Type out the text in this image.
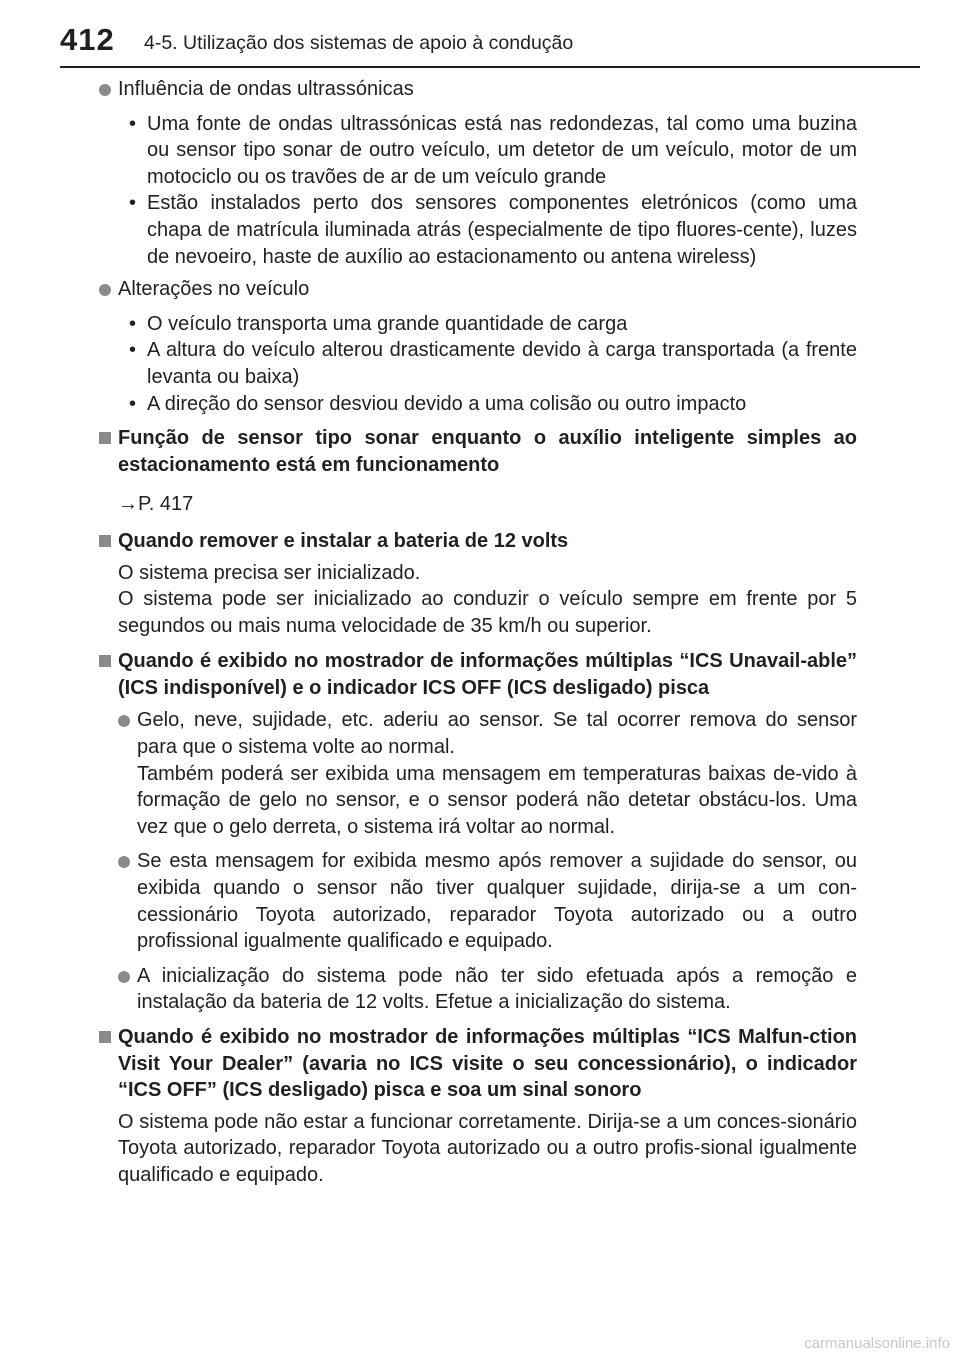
412 4-5. Utilização dos sistemas de apoio à condução
Influência de ondas ultrassónicas
• Uma fonte de ondas ultrassónicas está nas redondezas, tal como uma buzina ou sensor tipo sonar de outro veículo, um detetor de um veículo, motor de um motociclo ou os travões de ar de um veículo grande
• Estão instalados perto dos sensores componentes eletrónicos (como uma chapa de matrícula iluminada atrás (especialmente de tipo fluores-cente), luzes de nevoeiro, haste de auxílio ao estacionamento ou antena wireless)
Alterações no veículo
• O veículo transporta uma grande quantidade de carga
• A altura do veículo alterou drasticamente devido à carga transportada (a frente levanta ou baixa)
• A direção do sensor desviou devido a uma colisão ou outro impacto
Função de sensor tipo sonar enquanto o auxílio inteligente simples ao estacionamento está em funcionamento
→P. 417
Quando remover e instalar a bateria de 12 volts
O sistema precisa ser inicializado.
O sistema pode ser inicializado ao conduzir o veículo sempre em frente por 5 segundos ou mais numa velocidade de 35 km/h ou superior.
Quando é exibido no mostrador de informações múltiplas “ICS Unavail-able” (ICS indisponível) e o indicador ICS OFF (ICS desligado) pisca
Gelo, neve, sujidade, etc. aderiu ao sensor. Se tal ocorrer remova do sensor para que o sistema volte ao normal.
Também poderá ser exibida uma mensagem em temperaturas baixas de-vido à formação de gelo no sensor, e o sensor poderá não detetar obstácu-los. Uma vez que o gelo derreta, o sistema irá voltar ao normal.
Se esta mensagem for exibida mesmo após remover a sujidade do sensor, ou exibida quando o sensor não tiver qualquer sujidade, dirija-se a um con-cessionário Toyota autorizado, reparador Toyota autorizado ou a outro profissional igualmente qualificado e equipado.
A inicialização do sistema pode não ter sido efetuada após a remoção e instalação da bateria de 12 volts. Efetue a inicialização do sistema.
Quando é exibido no mostrador de informações múltiplas “ICS Malfun-ction Visit Your Dealer” (avaria no ICS visite o seu concessionário), o indicador “ICS OFF” (ICS desligado) pisca e soa um sinal sonoro
O sistema pode não estar a funcionar corretamente. Dirija-se a um conces-sionário Toyota autorizado, reparador Toyota autorizado ou a outro profis-sional igualmente qualificado e equipado.
carmanualsonline.info
